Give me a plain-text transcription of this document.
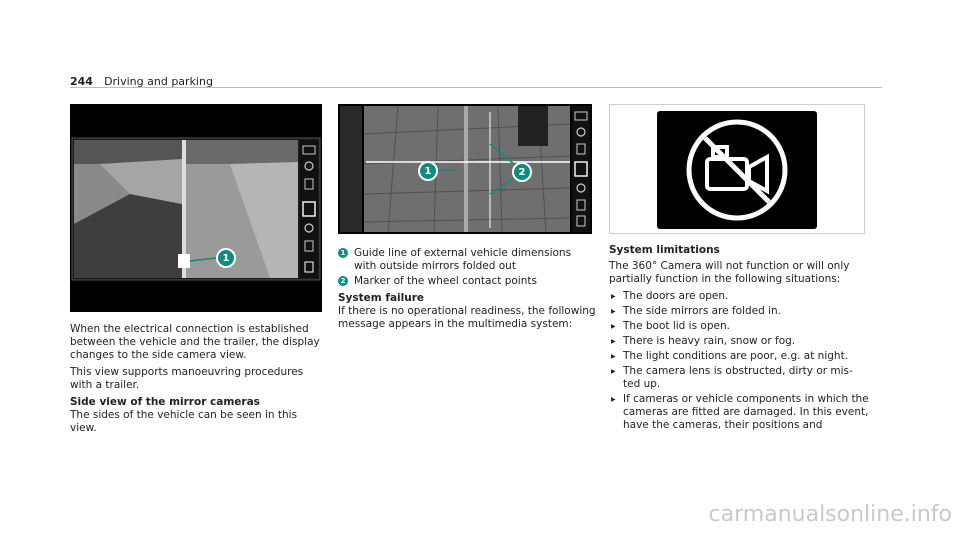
244 Driving and parking
1
1	2

When the electrical connection is established between the vehicle and the trailer, the display changes to the side camera view.

This view supports manoeuvring procedures with a trailer.

Side view of the mirror cameras

The sides of the vehicle can be seen in this view.

1 Guide line of external vehicle dimensions with outside mirrors folded out
2 Marker of the wheel contact points
System failure

If there is no operational readiness, the following message appears in the multimedia system:

System limitations

The 360° Camera will not function or will only partially function in the following situations:

▶ The doors are open.
▶ The side mirrors are folded in.
▶ The boot lid is open.
▶ There is heavy rain, snow or fog.
▶ The light conditions are poor, e.g. at night.
▶ The camera lens is obstructed, dirty or mis- ted up.
▶ If cameras or vehicle components in which the cameras are fitted are damaged. In this event, have the cameras, their positions and
carmanualsonline.info
